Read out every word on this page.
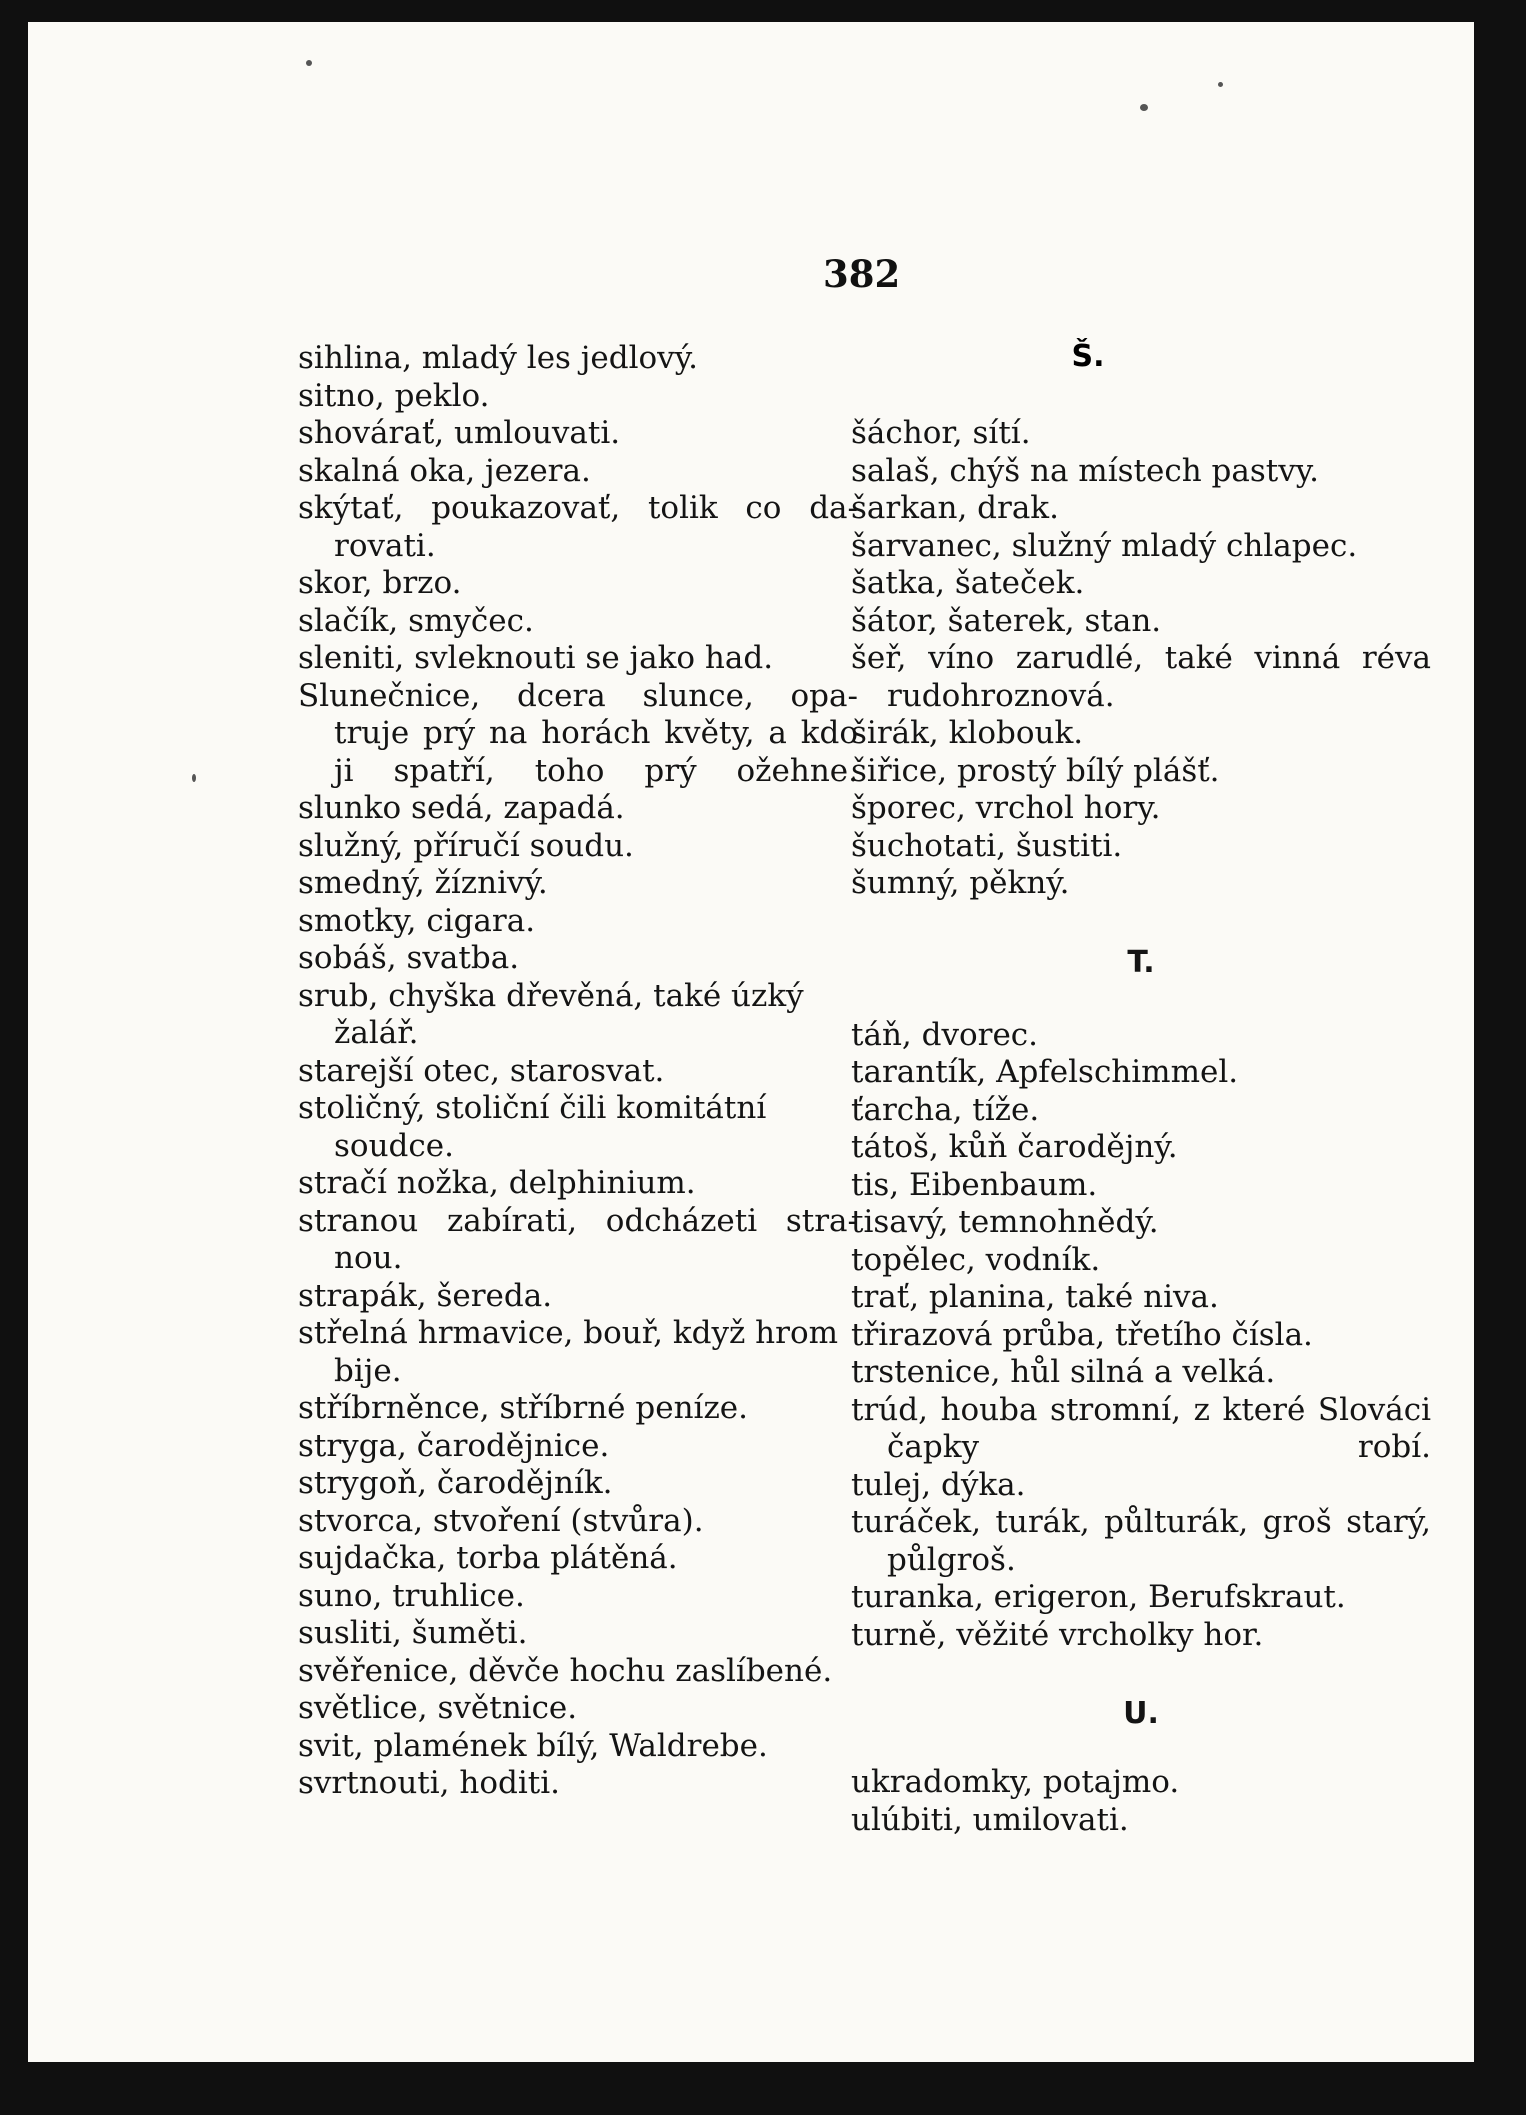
382
sihlina, mladý les jedlový.
sitno, peklo.
shovárať, umlouvati.
skalná oka, jezera.
skýtať, poukazovať, tolik co da- rovati.
skor, brzo.
slačík, smyčec.
sleniti, svleknouti se jako had.
Slunečnice, dcera slunce, opa- truje prý na horách květy, a kdo ji spatří, toho prý ožehne.
slunko sedá, zapadá.
služný, příručí soudu.
smedný, žíznivý.
smotky, cigara.
sobáš, svatba.
srub, chyška dřevěná, také úzký žalář.
starejší otec, starosvat.
stoličný, stoliční čili komitátní soudce.
stračí nožka, delphinium.
stranou zabírati, odcházeti stra- nou.
strapák, šereda.
střelná hrmavice, bouř, když hrom bije.
stříbrněnce, stříbrné peníze.
stryga, čarodějnice.
strygoň, čarodějník.
stvorca, stvoření (stvůra).
sujdačka, torba plátěná.
suno, truhlice.
susliti, šuměti.
svěřenice, děvče hochu zaslíbené.
světlice, světnice.
svit, plamének bílý, Waldrebe.
svrtnouti, hoditi.
Š.
šáchor, sítí.
salaš, chýš na místech pastvy.
šarkan, drak.
šarvanec, služný mladý chlapec.
šatka, šateček.
šátor, šaterek, stan.
šeř, víno zarudlé, také vinná réva rudohroznová.
širák, klobouk.
šiřice, prostý bílý plášť.
šporec, vrchol hory.
šuchotati, šustiti.
šumný, pěkný.
T.
táň, dvorec.
tarantík, Apfelschimmel.
ťarcha, tíže.
tátoš, kůň čarodějný.
tis, Eibenbaum.
tisavý, temnohnědý.
topělec, vodník.
trať, planina, také niva.
třirazová průba, třetího čísla.
trstenice, hůl silná a velká.
trúd, houba stromní, z které Slováci čapky robí.
tulej, dýka.
turáček, turák, půlturák, groš starý, půlgroš.
turanka, erigeron, Berufskraut.
turně, věžité vrcholky hor.
U.
ukradomky, potajmo.
ulúbiti, umilovati.
